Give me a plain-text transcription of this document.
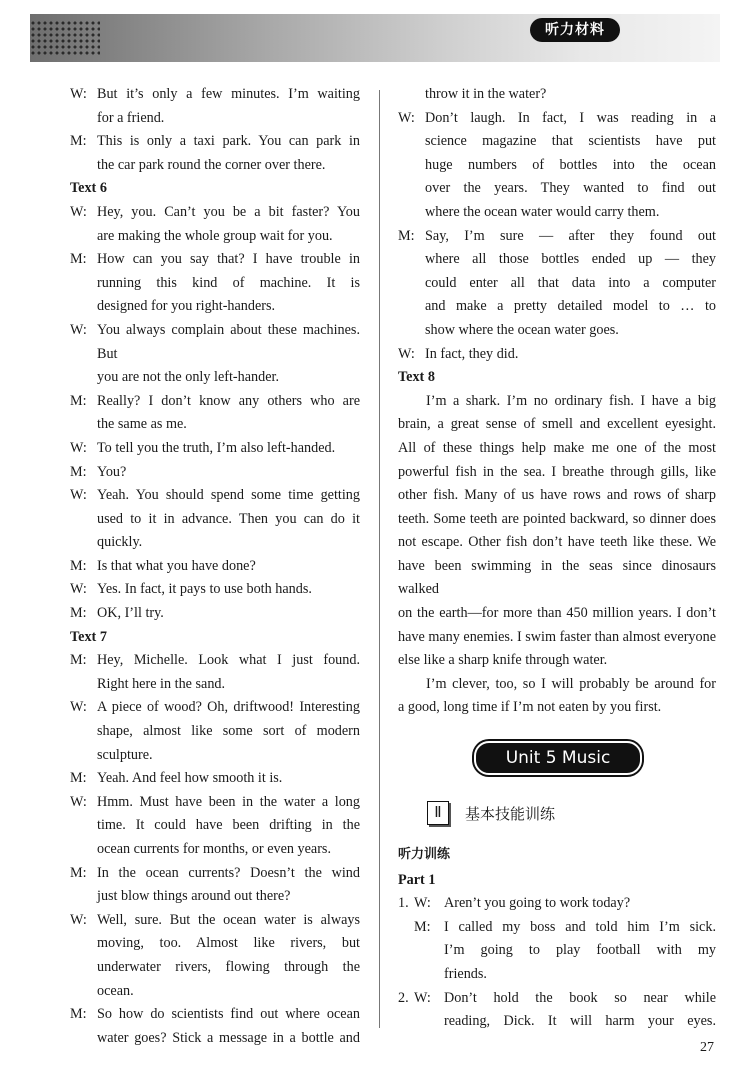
听力材料

W: But it’s only a few minutes. I’m waiting

for a friend.

M: This is only a taxi park. You can park in

the car park round the corner over there.

Text 6

W: Hey, you. Can’t you be a bit faster? You

are making the whole group wait for you.

M: How can you say that? I have trouble in

running this kind of machine. It is

designed for you right-handers.

W: You always complain about these machines. But

you are not the only left-hander.

M: Really? I don’t know any others who are

the same as me.

W: To tell you the truth, I’m also left-handed.

M: You?

W: Yeah. You should spend some time getting

used to it in advance. Then you can do it

quickly.

M: Is that what you have done?

W: Yes. In fact, it pays to use both hands.

M: OK, I’ll try.

Text 7

M: Hey, Michelle. Look what I just found.

Right here in the sand.

W: A piece of wood? Oh, driftwood! Interesting

shape, almost like some sort of modern

sculpture.

M: Yeah. And feel how smooth it is.

W: Hmm. Must have been in the water a long

time. It could have been drifting in the

ocean currents for months, or even years.

M: In the ocean currents? Doesn’t the wind

just blow things around out there?

W: Well, sure. But the ocean water is always

moving, too. Almost like rivers, but

underwater rivers, flowing through the

ocean.

M: So how do scientists find out where ocean

water goes? Stick a message in a bottle and

throw it in the water?

W: Don’t laugh. In fact, I was reading in a

science magazine that scientists have put

huge numbers of bottles into the ocean

over the years. They wanted to find out

where the ocean water would carry them.

M: Say, I’m sure — after they found out

where all those bottles ended up — they

could enter all that data into a computer

and make a pretty detailed model to … to

show where the ocean water goes.

W: In fact, they did.

Text 8

I’m a shark. I’m no ordinary fish. I have a big

brain, a great sense of smell and excellent eyesight.

All of these things help make me one of the most

powerful fish in the sea. I breathe through gills, like

other fish. Many of us have rows and rows of sharp

teeth. Some teeth are pointed backward, so dinner does

not escape. Other fish don’t have teeth like these. We

have been swimming in the seas since dinosaurs walked

on the earth—for more than 450 million years. I don’t

have many enemies. I swim faster than almost everyone

else like a sharp knife through water.

I’m clever, too, so I will probably be around for

a good, long time if I’m not eaten by you first.

Unit 5 Music
Ⅱ	基本技能训练

听力训练

Part 1

1. W: Aren’t you going to work today?

M: I called my boss and told him I’m sick.

I’m going to play football with my

friends.

2. W: Don’t hold the book so near while

reading, Dick. It will harm your eyes.

27
